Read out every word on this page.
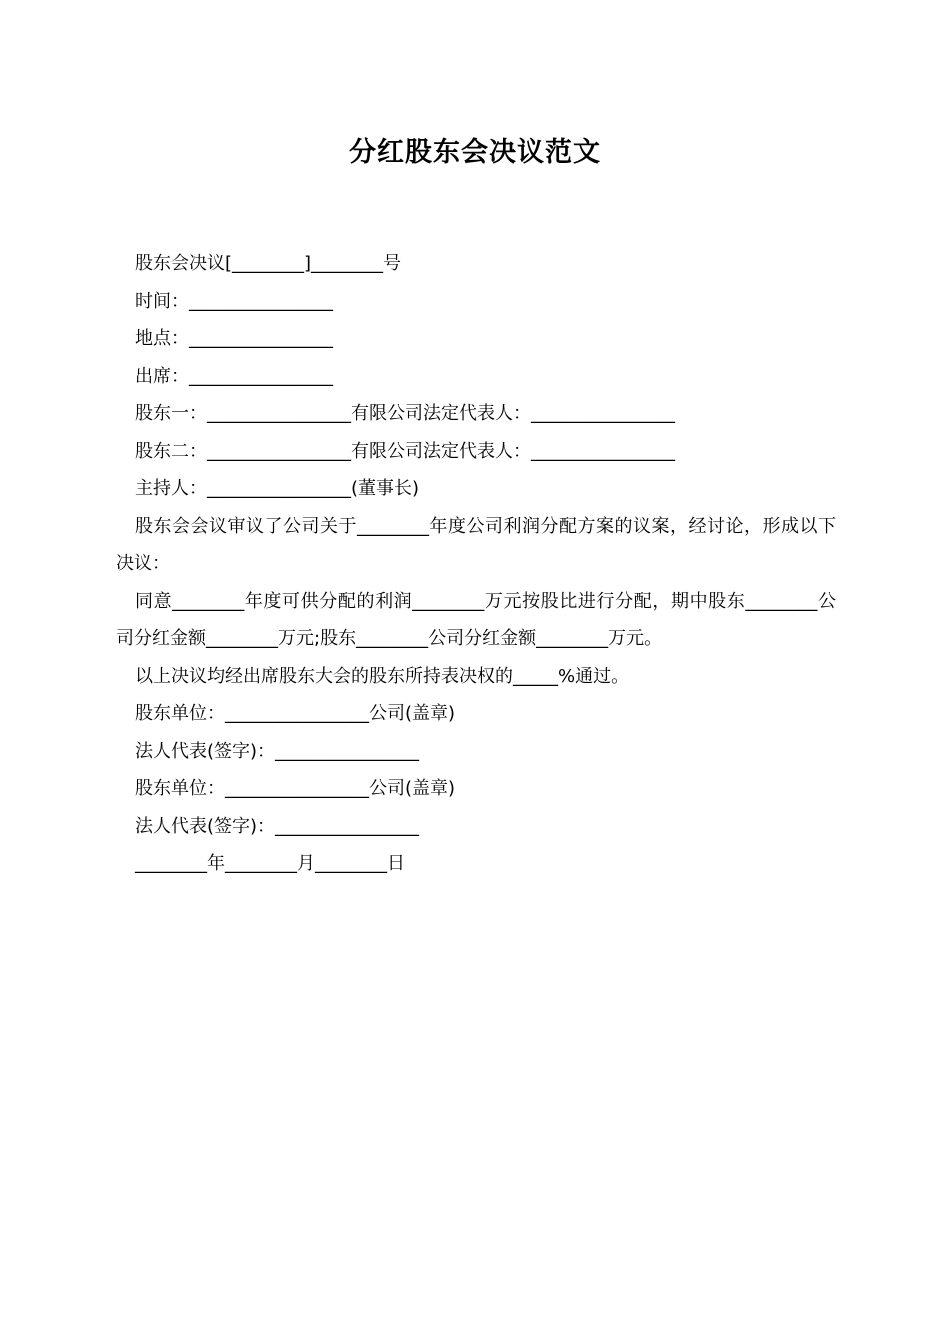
分红股东会决议范文
股东会决议[________]________号
时间：________________
地点：________________
出席：________________
股东一：________________有限公司法定代表人：________________
股东二：________________有限公司法定代表人：________________
主持人：________________(董事长)
股东会会议审议了公司关于________年度公司利润分配方案的议案，经讨论，形成以下决议：
同意________年度可供分配的利润________万元按股比进行分配，期中股东________公司分红金额________万元;股东________公司分红金额________万元。
以上决议均经出席股东大会的股东所持表决权的_____%通过。
股东单位：________________公司(盖章)
法人代表(签字)：________________
股东单位：________________公司(盖章)
法人代表(签字)：________________
________年________月________日
